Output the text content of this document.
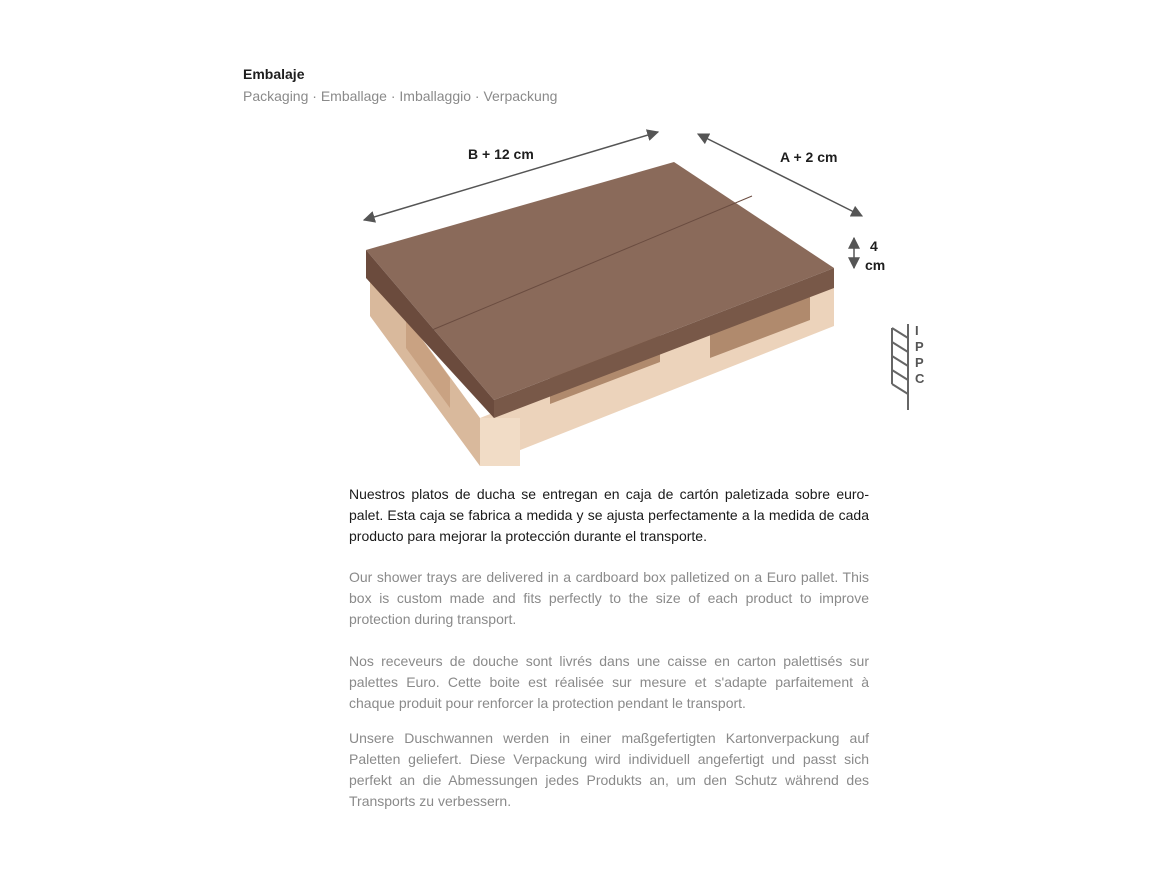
Embalaje
Packaging · Emballage · Imballaggio · Verpackung
B + 12 cm	A + 2 cm
4
cm
I
P
P
C

Nuestros platos de ducha se entregan en caja de cartón paletizada sobre euro-palet. Esta caja se fabrica a medida y se ajusta perfectamente a la medida de cada producto para mejorar la protección durante el transporte.

Our shower trays are delivered in a cardboard box palletized on a Euro pallet. This box is custom made and fits perfectly to the size of each product to improve protection during transport.

Nos receveurs de douche sont livrés dans une caisse en carton palettisés sur palettes Euro. Cette boite est réalisée sur mesure et s'adapte parfaitement à chaque produit pour renforcer la protection pendant le transport.

Unsere Duschwannen werden in einer maßgefertigten Kartonverpackung auf Paletten geliefert. Diese Verpackung wird individuell angefertigt und passt sich perfekt an die Abmessungen jedes Produkts an, um den Schutz während des Transports zu verbessern.
